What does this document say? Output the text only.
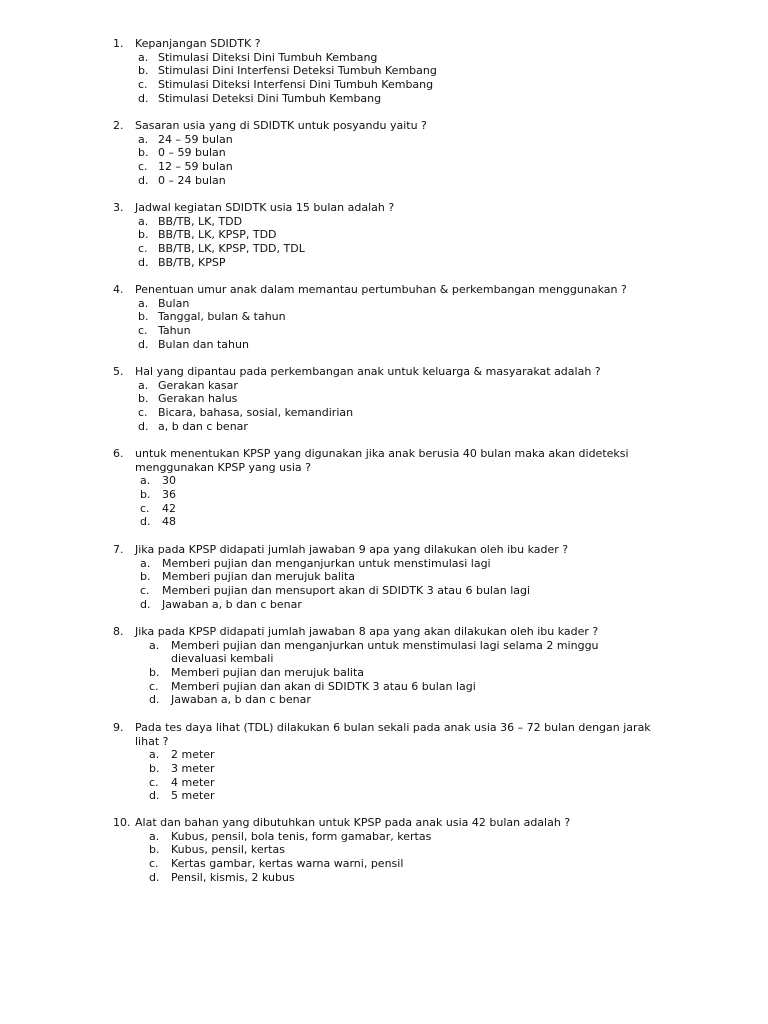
1. Kepanjangan SDIDTK ?
a. Stimulasi Diteksi Dini Tumbuh Kembang
b. Stimulasi Dini Interfensi Deteksi Tumbuh Kembang
c. Stimulasi Diteksi Interfensi Dini Tumbuh Kembang
d. Stimulasi Deteksi Dini Tumbuh Kembang
2. Sasaran usia yang di SDIDTK untuk posyandu yaitu ?
a. 24 – 59 bulan
b. 0 – 59 bulan
c. 12 – 59 bulan
d. 0 – 24 bulan
3. Jadwal kegiatan SDIDTK usia 15 bulan adalah ?
a. BB/TB, LK, TDD
b. BB/TB, LK, KPSP, TDD
c. BB/TB, LK, KPSP, TDD, TDL
d. BB/TB, KPSP
4. Penentuan umur anak dalam memantau pertumbuhan & perkembangan menggunakan ?
a. Bulan
b. Tanggal, bulan & tahun
c. Tahun
d. Bulan dan tahun
5. Hal yang dipantau pada perkembangan anak untuk keluarga & masyarakat adalah ?
a. Gerakan kasar
b. Gerakan halus
c. Bicara, bahasa, sosial, kemandirian
d. a, b dan c benar
6. untuk menentukan KPSP yang digunakan jika anak berusia 40 bulan maka akan dideteksi menggunakan KPSP yang usia ?
a. 30
b. 36
c. 42
d. 48
7. Jika pada KPSP didapati jumlah jawaban 9 apa yang dilakukan oleh ibu kader ?
a. Memberi pujian dan menganjurkan untuk menstimulasi lagi
b. Memberi pujian dan merujuk balita
c. Memberi pujian dan mensuport akan di SDIDTK 3 atau 6 bulan lagi
d. Jawaban a, b dan c benar
8. Jika pada KPSP didapati jumlah jawaban 8 apa yang akan dilakukan oleh ibu kader ?
a. Memberi pujian dan menganjurkan untuk menstimulasi lagi selama 2 minggu dievaluasi kembali
b. Memberi pujian dan merujuk balita
c. Memberi pujian dan akan di SDIDTK 3 atau 6 bulan lagi
d. Jawaban a, b dan c benar
9. Pada tes daya lihat (TDL) dilakukan 6 bulan sekali pada anak usia 36 – 72 bulan dengan jarak lihat ?
a. 2 meter
b. 3 meter
c. 4 meter
d. 5 meter
10. Alat dan bahan yang dibutuhkan untuk KPSP pada anak usia 42 bulan adalah ?
a. Kubus, pensil, bola tenis, form gamabar, kertas
b. Kubus, pensil, kertas
c. Kertas gambar, kertas warna warni, pensil
d. Pensil, kismis, 2 kubus
